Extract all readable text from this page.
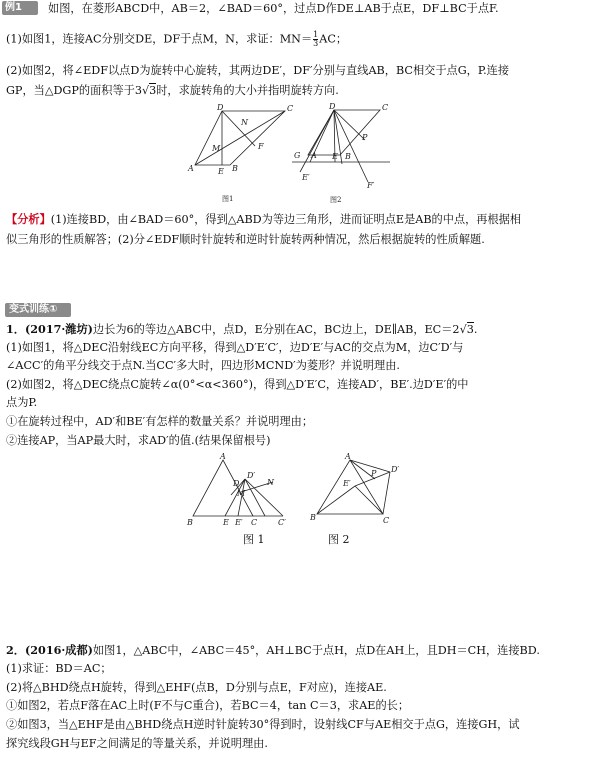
例1	如图，在菱形ABCD中，AB＝2，∠BAD＝60°，过点D作DE⊥AB于点E，DF⊥BC于点F.
(1)如图1，连接AC分别交DE，DF于点M，N，求证：$MN= \frac{1}{3}$ AC；
(2)如图2，将∠EDF以点D为旋转中心旋转，其两边DE′，DF′分别与直线AB，BC相交于点G，P.连接
GP，当△DGP的面积等于3√3时，求旋转角的大小并指明旋转方向.
D	C
N
M	F
A	E B
图1
D	C
G A E B
P
E′
F′
图2
【分析】(1)连接BD，由∠BAD＝60°，得到△ABD为等边三角形，进而证明点E是AB的中点，再根据相
似三角形的性质解答；(2)分∠EDF顺时针旋转和逆时针旋转两种情况，然后根据旋转的性质解题.
变式训练①
1．(2017·潍坊)边长为6的等边△ABC中，点D，E分别在AC，BC边上，DE∥AB，EC＝2√3.
(1)如图1，将△DEC沿射线EC方向平移，得到△D′E′C′，边D′E′与AC的交点为M，边C′D′与
∠ACC′的角平分线交于点N.当CC′多大时，四边形MCND′为菱形？并说明理由.
(2)如图2，将△DEC绕点C旋转∠α(0°<α<360°)，得到△D′E′C，连接AD′，BE′.边D′E′的中
点为P.
①在旋转过程中，AD′和BE′有怎样的数量关系？并说明理由；
②连接AP，当AP最大时，求AD′的值.(结果保留根号)
A
D′
D
M
N
B	E E′ C	C′
图 1
A
D′
P
E′
B	C
图 2
2．(2016·成都)如图1，△ABC中，∠ABC＝45°，AH⊥BC于点H，点D在AH上，且DH＝CH，连接BD.
(1)求证：BD＝AC；
(2)将△BHD绕点H旋转，得到△EHF(点B，D分别与点E，F对应)，连接AE.
①如图2，若点F落在AC上时(F不与C重合)，若BC＝4，tan C＝3，求AE的长；
②如图3，当△EHF是由△BHD绕点H逆时针旋转30°得到时，设射线CF与AE相交于点G，连接GH，试
探究线段GH与EF之间满足的等量关系，并说明理由.
